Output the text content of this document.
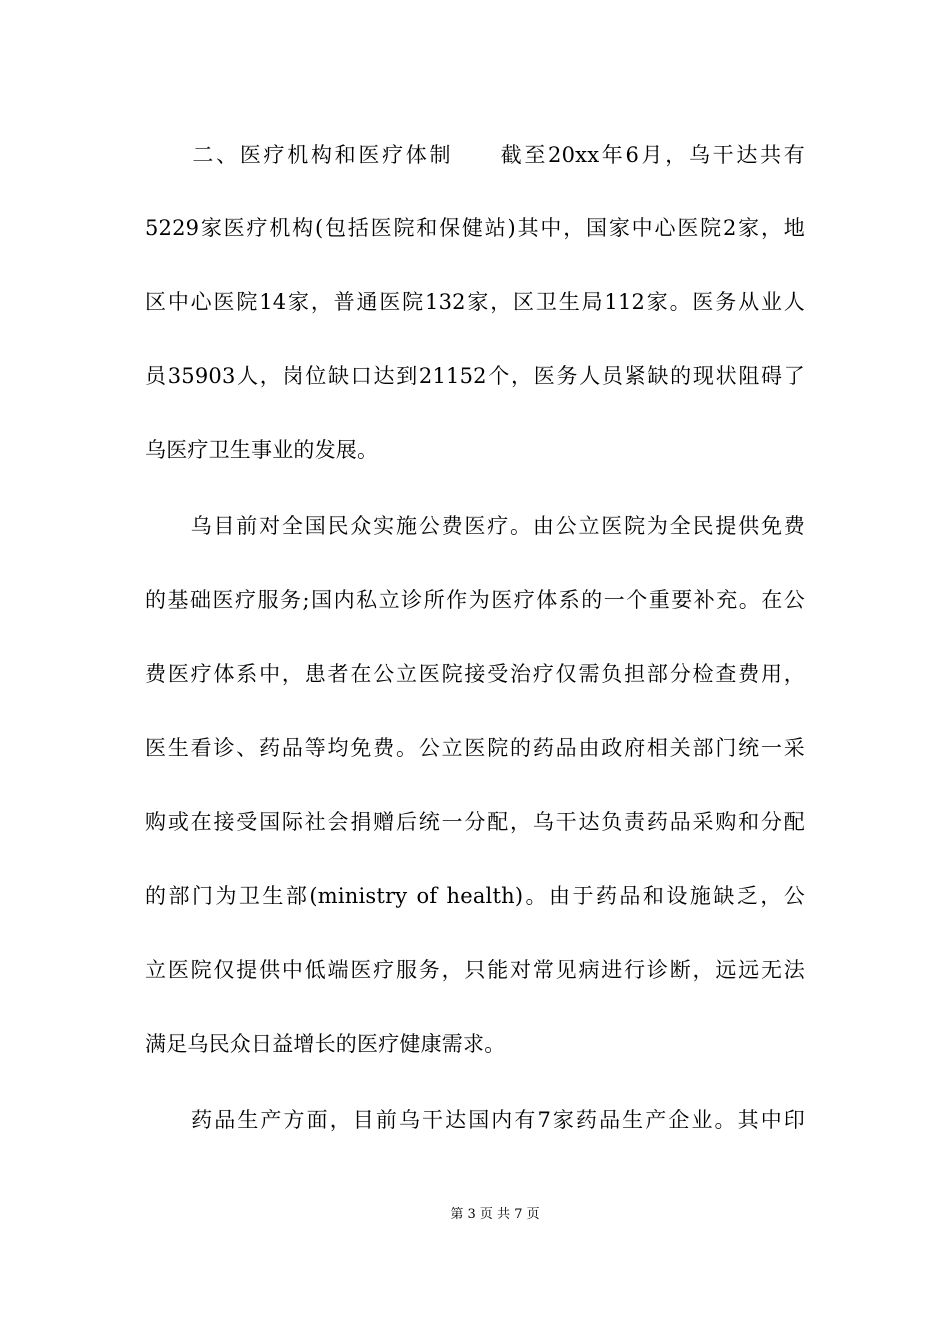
　　二、医疗机构和医疗体制　　截至20xx年6月，乌干达共有
5229家医疗机构(包括医院和保健站)其中，国家中心医院2家，地
区中心医院14家，普通医院132家，区卫生局112家。医务从业人
员35903人，岗位缺口达到21152个，医务人员紧缺的现状阻碍了
乌医疗卫生事业的发展。
　　乌目前对全国民众实施公费医疗。由公立医院为全民提供免费
的基础医疗服务;国内私立诊所作为医疗体系的一个重要补充。在公
费医疗体系中，患者在公立医院接受治疗仅需负担部分检查费用，
医生看诊、药品等均免费。公立医院的药品由政府相关部门统一采
购或在接受国际社会捐赠后统一分配，乌干达负责药品采购和分配
的部门为卫生部(ministry of health)。由于药品和设施缺乏，公
立医院仅提供中低端医疗服务，只能对常见病进行诊断，远远无法
满足乌民众日益增长的医疗健康需求。
　　药品生产方面，目前乌干达国内有7家药品生产企业。其中印
第 3 页 共 7 页
